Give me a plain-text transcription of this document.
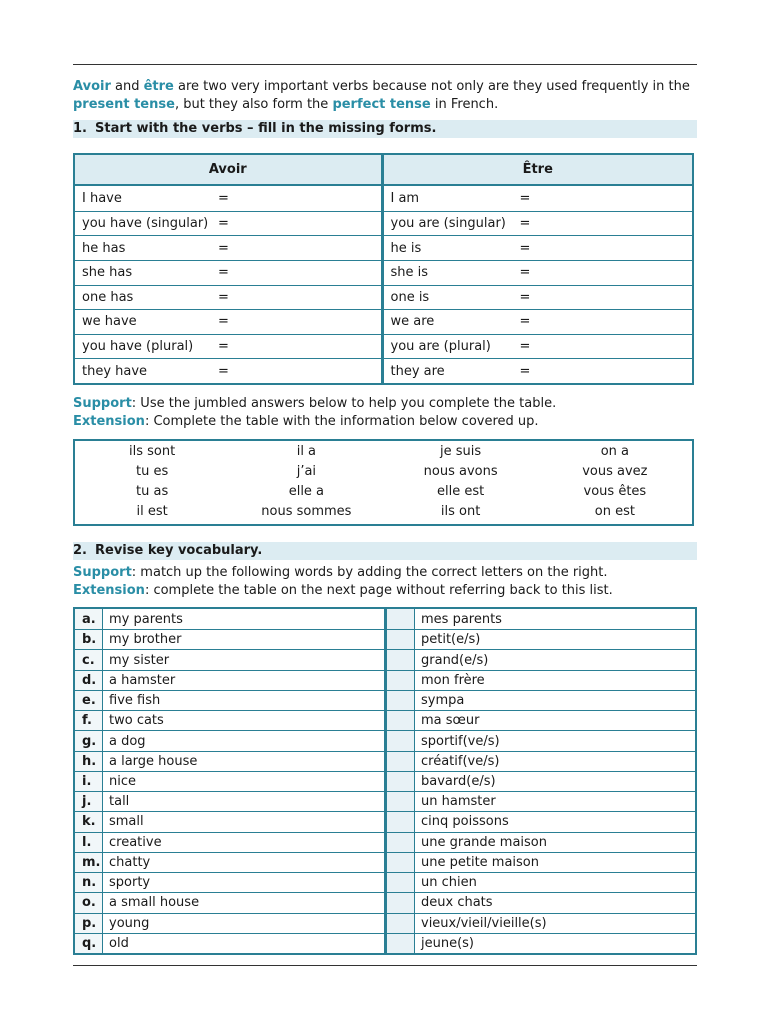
Avoir and être are two very important verbs because not only are they used frequently in the
present tense, but they also form the perfect tense in French.
1. Start with the verbs – fill in the missing forms.
Avoir	Être
I have	=	I am	=
you have (singular) =	you are (singular) =
he has	=	he is	=
she has	=	she is	=
one has	=	one is	=
we have	=	we are	=
you have (plural) =	you are (plural) =
they have	=	they are	=
Support: Use the jumbled answers below to help you complete the table.
Extension: Complete the table with the information below covered up.
ils sont	il a	je suis	on a
tu es	j’ai	nous avons	vous avez
tu as	elle a	elle est	vous êtes
il est	nous sommes	ils ont	on est
2. Revise key vocabulary.
Support: match up the following words by adding the correct letters on the right.
Extension: complete the table on the next page without referring back to this list.
a.	my parents	mes parents
b. my brother	petit(e/s)
c.	my sister	grand(e/s)
d. a hamster	mon frère
e.	five fish	sympa
f.	two cats	ma sœur
g. a dog	sportif(ve/s)
h. a large house	créatif(ve/s)
i.	nice	bavard(e/s)
j.	tall	un hamster
k.	small	cinq poissons
l.	creative	une grande maison
m. chatty	une petite maison
n. sporty	un chien
o.	a small house	deux chats
p. young	vieux/vieil/vieille(s)
q. old	jeune(s)
